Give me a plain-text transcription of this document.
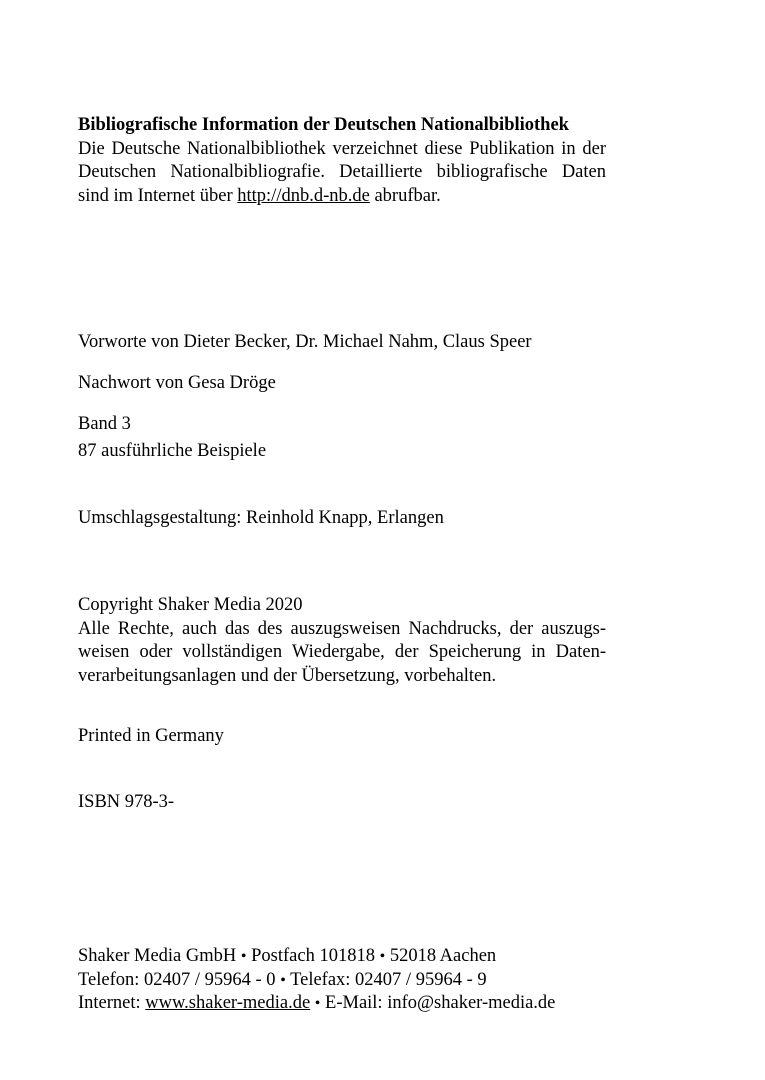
Bibliografische Information der Deutschen Nationalbibliothek
Die Deutsche Nationalbibliothek verzeichnet diese Publikation in der
Deutschen Nationalbibliografie. Detaillierte bibliografische Daten
sind im Internet über http://dnb.d-nb.de abrufbar.
Vorworte von Dieter Becker, Dr. Michael Nahm, Claus Speer
Nachwort von Gesa Dröge
Band 3
87 ausführliche Beispiele
Umschlagsgestaltung: Reinhold Knapp, Erlangen
Copyright Shaker Media 2020
Alle Rechte, auch das des auszugsweisen Nachdrucks, der auszugs-
weisen oder vollständigen Wiedergabe, der Speicherung in Daten-
verarbeitungsanlagen und der Übersetzung, vorbehalten.
Printed in Germany
ISBN 978-3-
Shaker Media GmbH • Postfach 101818 • 52018 Aachen
Telefon: 02407 / 95964 - 0 • Telefax: 02407 / 95964 - 9
Internet: www.shaker-media.de • E-Mail: info@shaker-media.de
